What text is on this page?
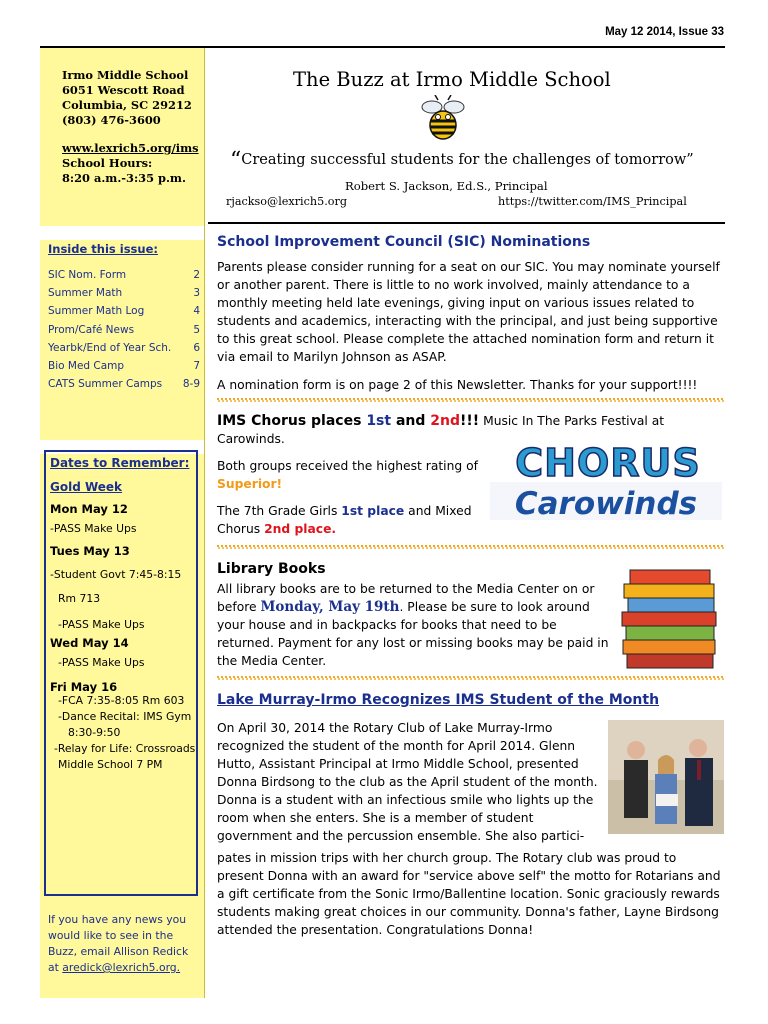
May 12 2014, Issue 33
Irmo Middle School
6051 Wescott Road
Columbia, SC 29212
(803) 476-3600
www.lexrich5.org/ims
School Hours:
8:20 a.m.-3:35 p.m.
Inside this issue:
SIC Nom. Form	2
Summer Math	3
Summer Math Log	4
Prom/Café News	5
Yearbk/End of Year Sch. 6
Bio Med Camp	7
CATS Summer Camps 8-9
Dates to Remember:
Gold Week
Mon May 12
-PASS Make Ups
Tues May 13
-Student Govt 7:45-8:15
Rm 713
-PASS Make Ups
Wed May 14
-PASS Make Ups
Fri May 16
-FCA 7:35-8:05 Rm 603
-Dance Recital: IMS Gym
8:30-9:50
-Relay for Life: Crossroads
Middle School 7 PM
If you have any news you would like to see in the Buzz, email Allison Redick at aredick@lexrich5.org.
The Buzz at Irmo Middle School
“Creating successful students for the challenges of tomorrow”
Robert S. Jackson, Ed.S., Principal
rjackso@lexrich5.org	https://twitter.com/IMS_Principal
School Improvement Council (SIC) Nominations
Parents please consider running for a seat on our SIC. You may nominate yourself or another parent. There is little to no work involved, mainly attendance to a monthly meeting held late evenings, giving input on various issues related to students and academics, interacting with the principal, and just being supportive to this great school. Please complete the attached nomination form and return it via email to Marilyn Johnson as ASAP.
A nomination form is on page 2 of this Newsletter. Thanks for your support!!!!
IMS Chorus places 1st and 2nd!!! Music In The Parks Festival at Carowinds.
Both groups received the highest rating of Superior!
The 7th Grade Girls 1st place and Mixed Chorus 2nd place.
CHORUS
Carowinds
Library Books
All library books are to be returned to the Media Center on or before Monday, May 19th. Please be sure to look around your house and in backpacks for books that need to be returned. Payment for any lost or missing books may be paid in the Media Center.
Lake Murray-Irmo Recognizes IMS Student of the Month
On April 30, 2014 the Rotary Club of Lake Murray-Irmo recognized the student of the month for April 2014. Glenn Hutto, Assistant Principal at Irmo Middle School, presented Donna Birdsong to the club as the April student of the month. Donna is a student with an infectious smile who lights up the room when she enters. She is a member of student government and the percussion ensemble. She also partici-
pates in mission trips with her church group. The Rotary club was proud to present Donna with an award for "service above self" the motto for Rotarians and a gift certificate from the Sonic Irmo/Ballentine location. Sonic graciously rewards students making great choices in our community. Donna's father, Layne Birdsong attended the presentation. Congratulations Donna!
